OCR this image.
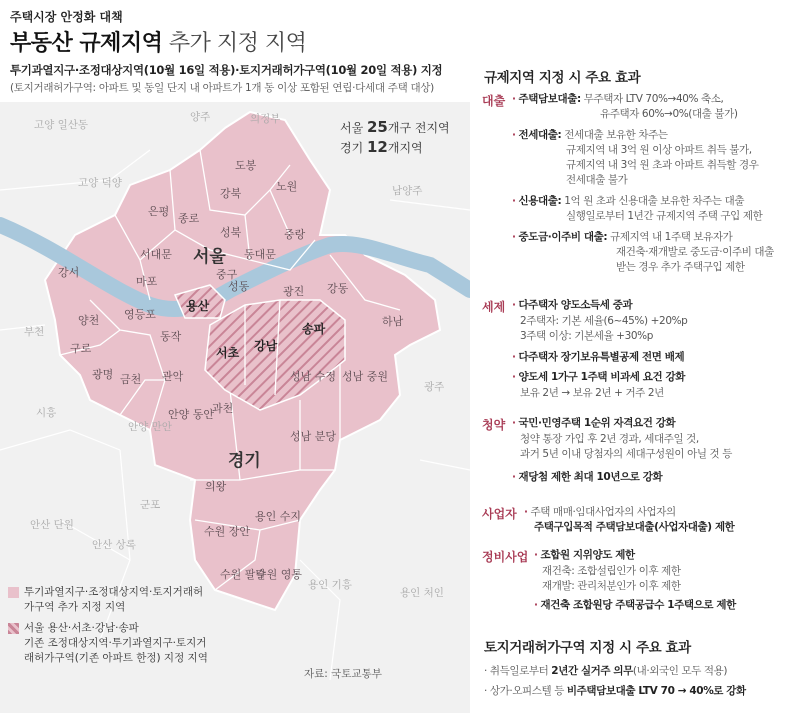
주택시장 안정화 대책
부동산 규제지역 추가 지정 지역
투기과열지구·조정대상지역(10월 16일 적용)·토지거래허가구역(10월 20일 적용) 지정
(토지거래허가구역: 아파트 및 동일 단지 내 아파트가 1개 동 이상 포함된 연립·다세대 주택 대상)
서울
경기
도봉
노원
강북
은평
종로
성북	중랑
서대문	동대문
강서
마포
중구
성동	광진 강동
양천 영등포
동작
구로
금천 관악
용산
서초 강남
송파
광명
과천
하남
성남 수정 성남 중원
안양 동안
의왕
성남 분당
용인 수지
수원 장안
수원 팔달
수원 영통
고양 일산동
고양 덕양
양주	의정부
남양주
부천
시흥
광주
안양 만안
군포
안산 단원
안산 상록
용인 기흥
용인 처인
서울 25개구 전지역
경기 12개지역
투기과열지구·조정대상지역·토지거래허가구역 추가 지정 지역
서울 용산·서초·강남·송파
기존 조정대상지역·투기과열지구·토지거래허가구역(기존 아파트 한정) 지정 지역
자료: 국토교통부
규제지역 지정 시 주요 효과
대출 · 주택담보대출: 무주택자 LTV 70%→40% 축소,
유주택자 60%→0%(대출 불가)
· 전세대출: 전세대출 보유한 차주는
규제지역 내 3억 원 이상 아파트 취득 불가,
규제지역 내 3억 원 초과 아파트 취득할 경우
전세대출 불가
· 신용대출: 1억 원 초과 신용대출 보유한 차주는 대출
실행일로부터 1년간 규제지역 주택 구입 제한
· 중도금·이주비 대출: 규제지역 내 1주택 보유자가
재건축·재개발로 중도금·이주비 대출
받는 경우 추가 주택구입 제한
세제 · 다주택자 양도소득세 중과
2주택자: 기본 세율(6~45%) +20%p
3주택 이상: 기본세율 +30%p
· 다주택자 장기보유특별공제 전면 배제
· 양도세 1가구 1주택 비과세 요건 강화
보유 2년 → 보유 2년 + 거주 2년
청약 · 국민·민영주택 1순위 자격요건 강화
청약 통장 가입 후 2년 경과, 세대주일 것,
과거 5년 이내 당첨자의 세대구성원이 아닐 것 등
· 재당첨 제한 최대 10년으로 강화
사업자 · 주택 매매·임대사업자의 사업자의
주택구입목적 주택담보대출(사업자대출) 제한
정비사업 · 조합원 지위양도 제한
재건축: 조합설립인가 이후 제한
재개발: 관리처분인가 이후 제한
· 재건축 조합원당 주택공급수 1주택으로 제한
토지거래허가구역 지정 시 주요 효과
· 취득일로부터 2년간 실거주 의무(내·외국인 모두 적용)
· 상가·오피스텔 등 비주택담보대출 LTV 70 → 40%로 강화
